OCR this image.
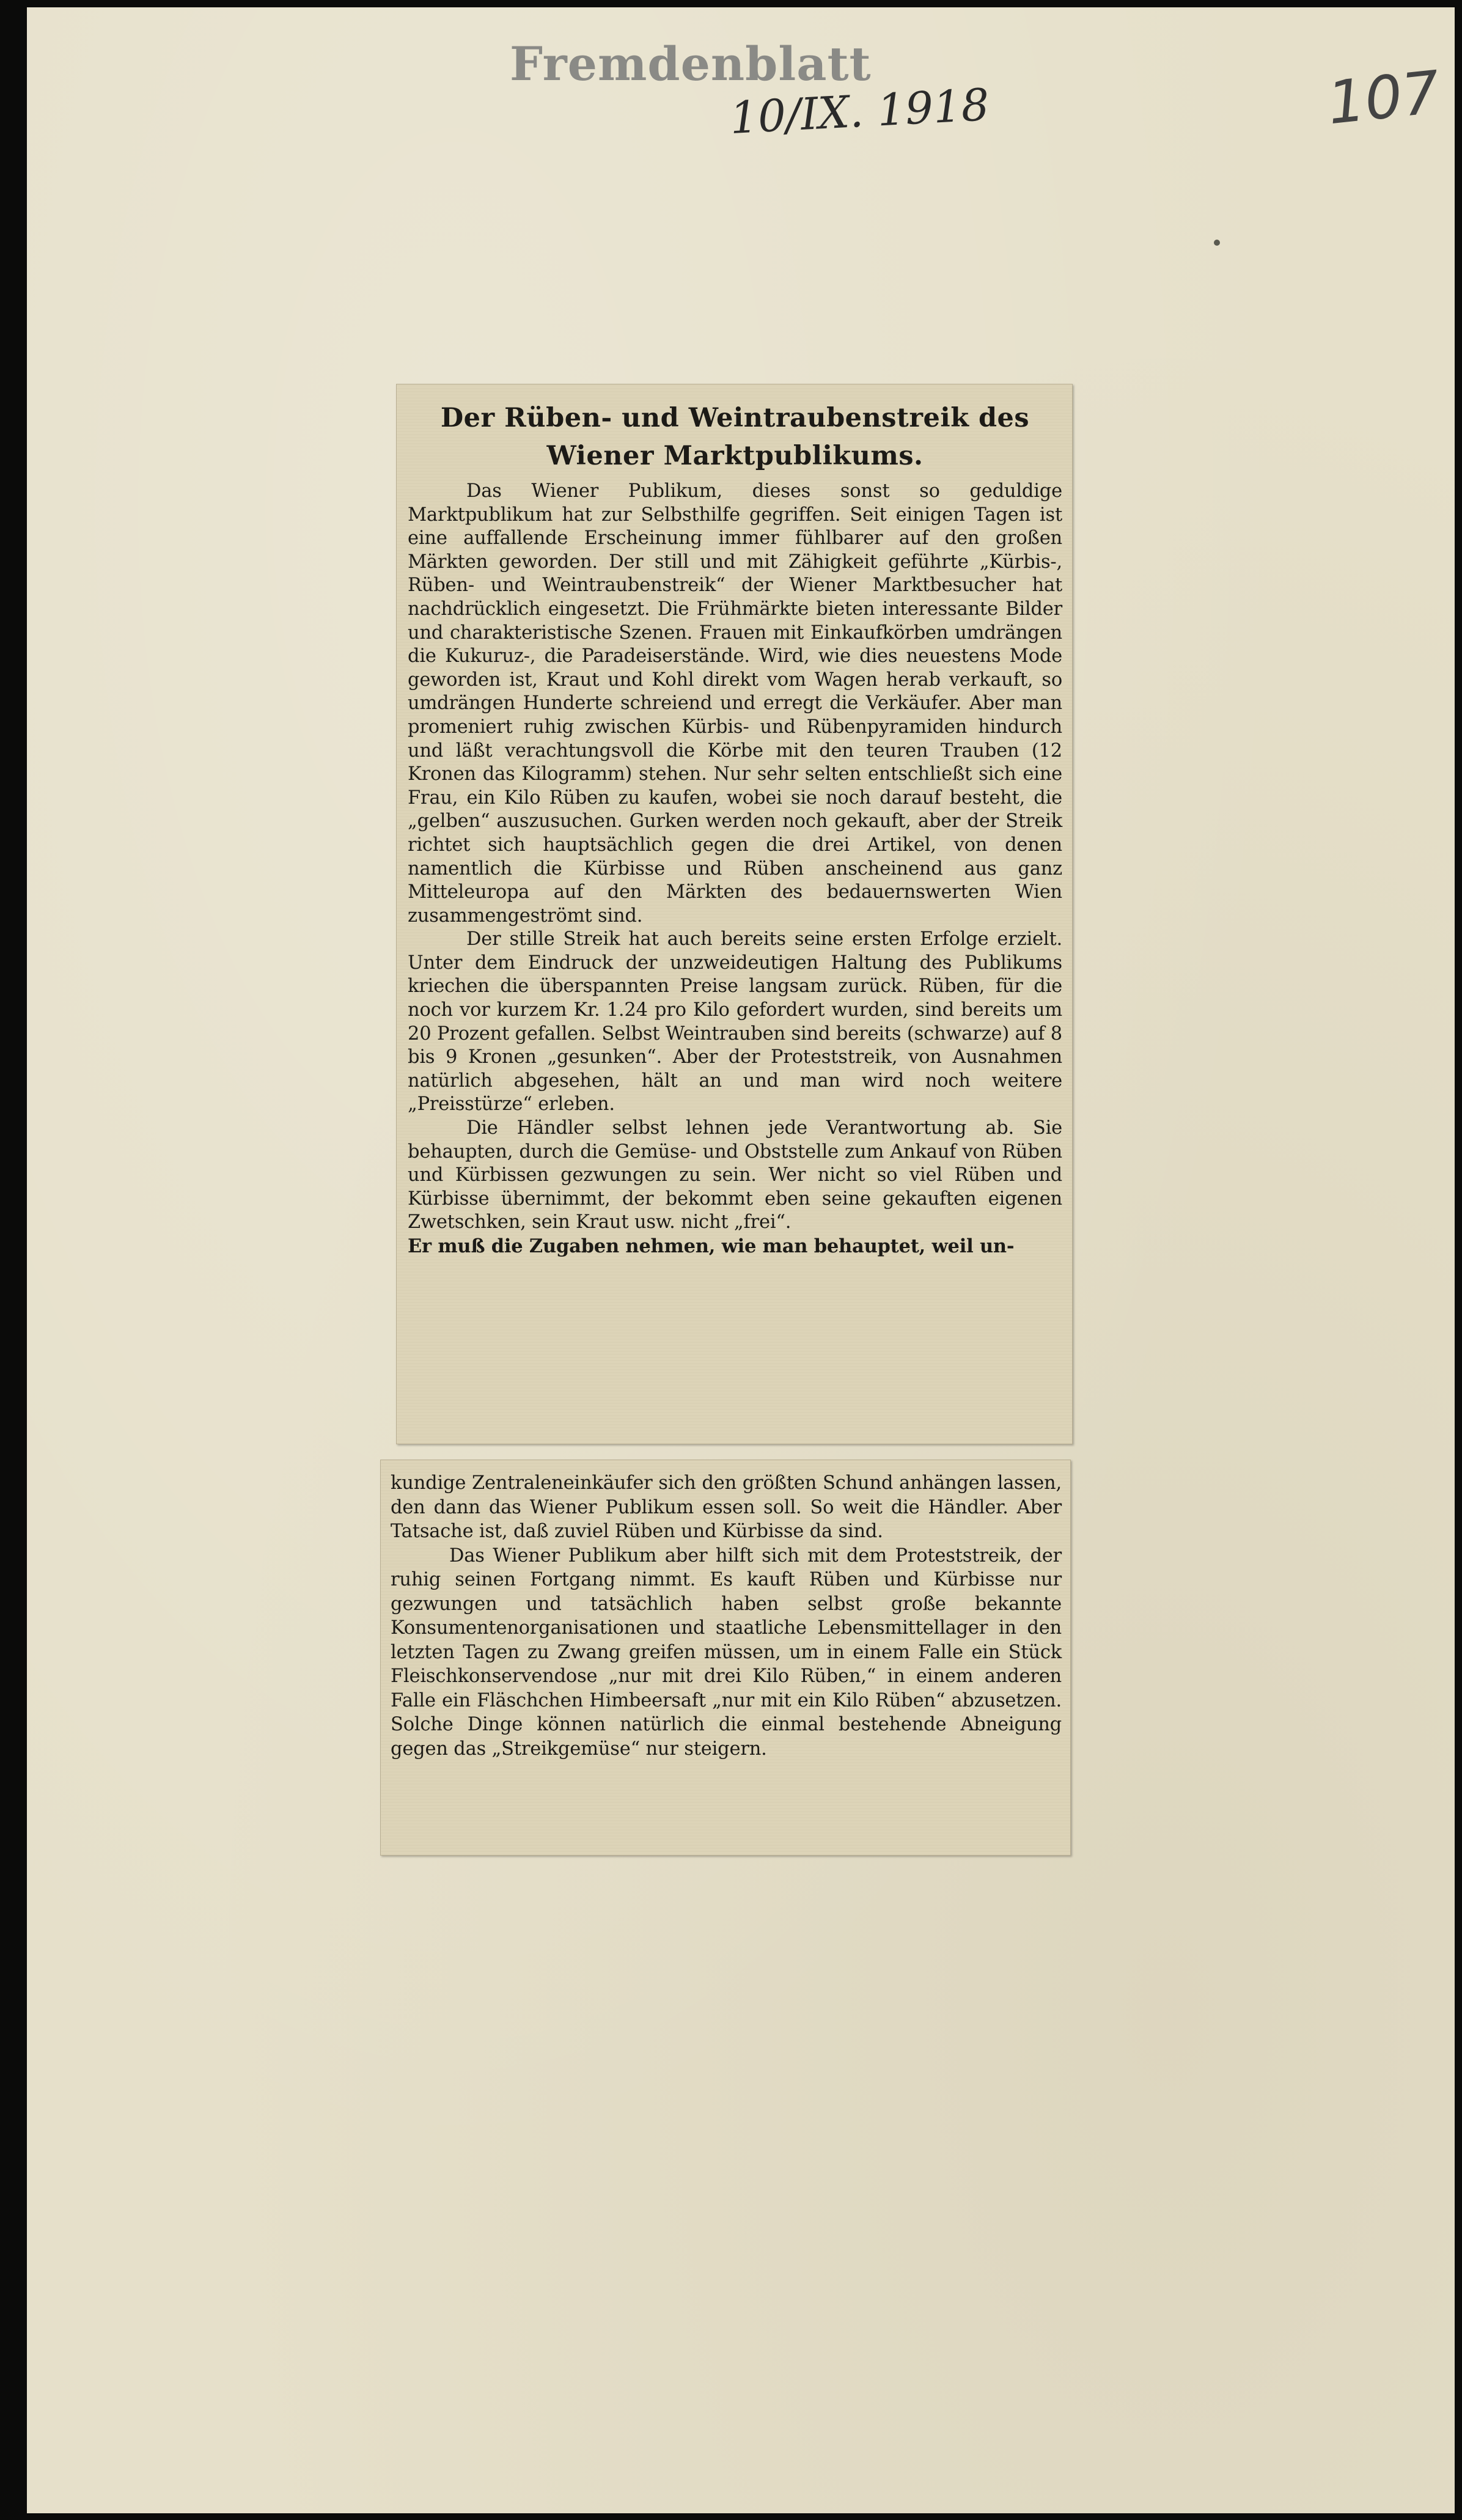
Fremdenblatt
10/IX. 1918	107
Der Rüben- und Weintraubenstreik des
Wiener Marktpublikums.

Das Wiener Publikum, dieses sonst so geduldige Marktpublikum hat zur Selbsthilfe gegriffen. Seit einigen Tagen ist eine auffallende Erscheinung immer fühlbarer auf den großen Märkten geworden. Der still und mit Zähigkeit geführte „Kürbis-, Rüben- und Weintraubenstreik“ der Wiener Marktbesucher hat nachdrücklich eingesetzt. Die Frühmärkte bieten interessante Bilder und charakteristische Szenen. Frauen mit Einkaufkörben umdrängen die Kukuruz-, die Paradeiserstände. Wird, wie dies neuestens Mode geworden ist, Kraut und Kohl direkt vom Wagen herab verkauft, so umdrängen Hunderte schreiend und erregt die Verkäufer. Aber man promeniert ruhig zwischen Kürbis- und Rübenpyramiden hindurch und läßt verachtungsvoll die Körbe mit den teuren Trauben (12 Kronen das Kilogramm) stehen. Nur sehr selten entschließt sich eine Frau, ein Kilo Rüben zu kaufen, wobei sie noch darauf besteht, die „gelben“ auszusuchen. Gurken werden noch gekauft, aber der Streik richtet sich hauptsächlich gegen die drei Artikel, von denen namentlich die Kürbisse und Rüben anscheinend aus ganz Mitteleuropa auf den Märkten des bedauernswerten Wien zusammengeströmt sind.

Der stille Streik hat auch bereits seine ersten Erfolge erzielt. Unter dem Eindruck der unzweideutigen Haltung des Publikums kriechen die überspannten Preise langsam zurück. Rüben, für die noch vor kurzem Kr. 1.24 pro Kilo gefordert wurden, sind bereits um 20 Prozent gefallen. Selbst Weintrauben sind bereits (schwarze) auf 8 bis 9 Kronen „gesunken“. Aber der Proteststreik, von Ausnahmen natürlich abgesehen, hält an und man wird noch weitere „Preisstürze“ erleben.

Die Händler selbst lehnen jede Verantwortung ab. Sie behaupten, durch die Gemüse- und Obststelle zum Ankauf von Rüben und Kürbissen gezwungen zu sein. Wer nicht so viel Rüben und Kürbisse übernimmt, der bekommt eben seine gekauften eigenen Zwetschken, sein Kraut usw. nicht „frei“.

Er muß die Zugaben nehmen, wie man behauptet, weil un-

kundige Zentraleneinkäufer sich den größten Schund anhängen lassen, den dann das Wiener Publikum essen soll. So weit die Händler. Aber Tatsache ist, daß zuviel Rüben und Kürbisse da sind.

Das Wiener Publikum aber hilft sich mit dem Proteststreik, der ruhig seinen Fortgang nimmt. Es kauft Rüben und Kürbisse nur gezwungen und tatsächlich haben selbst große bekannte Konsumentenorganisationen und staatliche Lebensmittellager in den letzten Tagen zu Zwang greifen müssen, um in einem Falle ein Stück Fleischkonservendose „nur mit drei Kilo Rüben,“ in einem anderen Falle ein Fläschchen Himbeersaft „nur mit ein Kilo Rüben“ abzusetzen. Solche Dinge können natürlich die einmal bestehende Abneigung gegen das „Streikgemüse“ nur steigern.
